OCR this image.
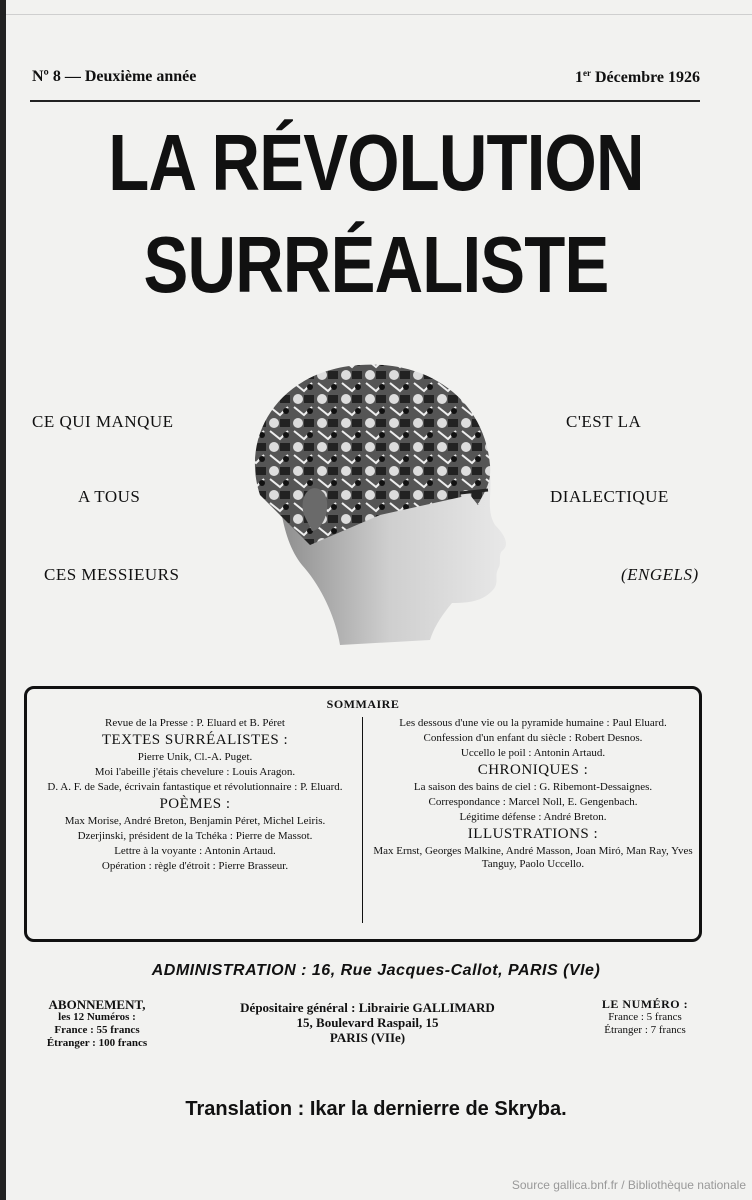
Nº 8 — Deuxième année	1er Décembre 1926
LA RÉVOLUTION
SURRÉALISTE
CE QUI MANQUE
A TOUS
CES MESSIEURS
C'EST LA
DIALECTIQUE
(ENGELS)
SOMMAIRE
Revue de la Presse : P. Eluard et B. Péret
TEXTES SURRÉALISTES :
Pierre Unik, Cl.-A. Puget.
Moi l'abeille j'étais chevelure : Louis Aragon.
D. A. F. de Sade, écrivain fantastique et révolutionnaire : P. Eluard.
POÈMES :
Max Morise, André Breton, Benjamin Péret, Michel Leiris.
Dzerjinski, président de la Tchéka : Pierre de Massot.
Lettre à la voyante : Antonin Artaud.
Opération : règle d'étroit : Pierre Brasseur.
Les dessous d'une vie ou la pyramide humaine : Paul Eluard.
Confession d'un enfant du siècle : Robert Desnos.
Uccello le poil : Antonin Artaud.
CHRONIQUES :
La saison des bains de ciel : G. Ribemont-Dessaignes.
Correspondance : Marcel Noll, E. Gengenbach.
Légitime défense : André Breton.
ILLUSTRATIONS :
Max Ernst, Georges Malkine, André Masson, Joan Miró, Man Ray, Yves Tanguy, Paolo Uccello.
ADMINISTRATION : 16, Rue Jacques-Callot, PARIS (VIe)
ABONNEMENT,
les 12 Numéros :
France : 55 francs
Étranger : 100 francs
Dépositaire général : Librairie GALLIMARD
15, Boulevard Raspail, 15
PARIS (VIIe)
LE NUMÉRO :
France : 5 francs
Étranger : 7 francs
Translation : Ikar la dernierre de Skryba.
Source gallica.bnf.fr / Bibliothèque nationale
